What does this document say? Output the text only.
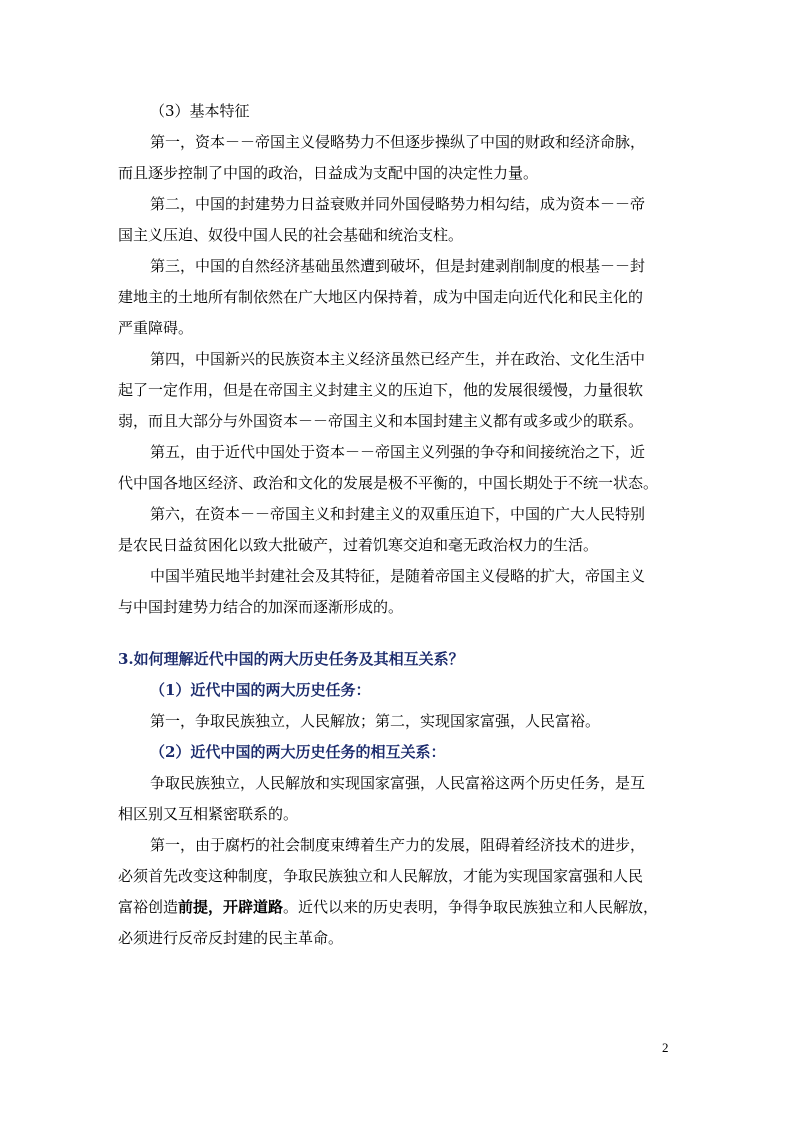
（3）基本特征

第一，资本－－帝国主义侵略势力不但逐步操纵了中国的财政和经济命脉，

而且逐步控制了中国的政治，日益成为支配中国的决定性力量。

第二，中国的封建势力日益衰败并同外国侵略势力相勾结，成为资本－－帝

国主义压迫、奴役中国人民的社会基础和统治支柱。

第三，中国的自然经济基础虽然遭到破坏，但是封建剥削制度的根基－－封

建地主的土地所有制依然在广大地区内保持着，成为中国走向近代化和民主化的

严重障碍。

第四，中国新兴的民族资本主义经济虽然已经产生，并在政治、文化生活中

起了一定作用，但是在帝国主义封建主义的压迫下，他的发展很缓慢，力量很软

弱，而且大部分与外国资本－－帝国主义和本国封建主义都有或多或少的联系。

第五，由于近代中国处于资本－－帝国主义列强的争夺和间接统治之下，近

代中国各地区经济、政治和文化的发展是极不平衡的，中国长期处于不统一状态。

第六，在资本－－帝国主义和封建主义的双重压迫下，中国的广大人民特别

是农民日益贫困化以致大批破产，过着饥寒交迫和毫无政治权力的生活。

中国半殖民地半封建社会及其特征，是随着帝国主义侵略的扩大，帝国主义

与中国封建势力结合的加深而逐渐形成的。

3.如何理解近代中国的两大历史任务及其相互关系？

（1）近代中国的两大历史任务：

第一，争取民族独立，人民解放；第二，实现国家富强，人民富裕。

（2）近代中国的两大历史任务的相互关系：

争取民族独立，人民解放和实现国家富强，人民富裕这两个历史任务，是互

相区别又互相紧密联系的。

第一，由于腐朽的社会制度束缚着生产力的发展，阻碍着经济技术的进步，

必须首先改变这种制度，争取民族独立和人民解放，才能为实现国家富强和人民

富裕创造前提，开辟道路。近代以来的历史表明，争得争取民族独立和人民解放，

必须进行反帝反封建的民主革命。

2
